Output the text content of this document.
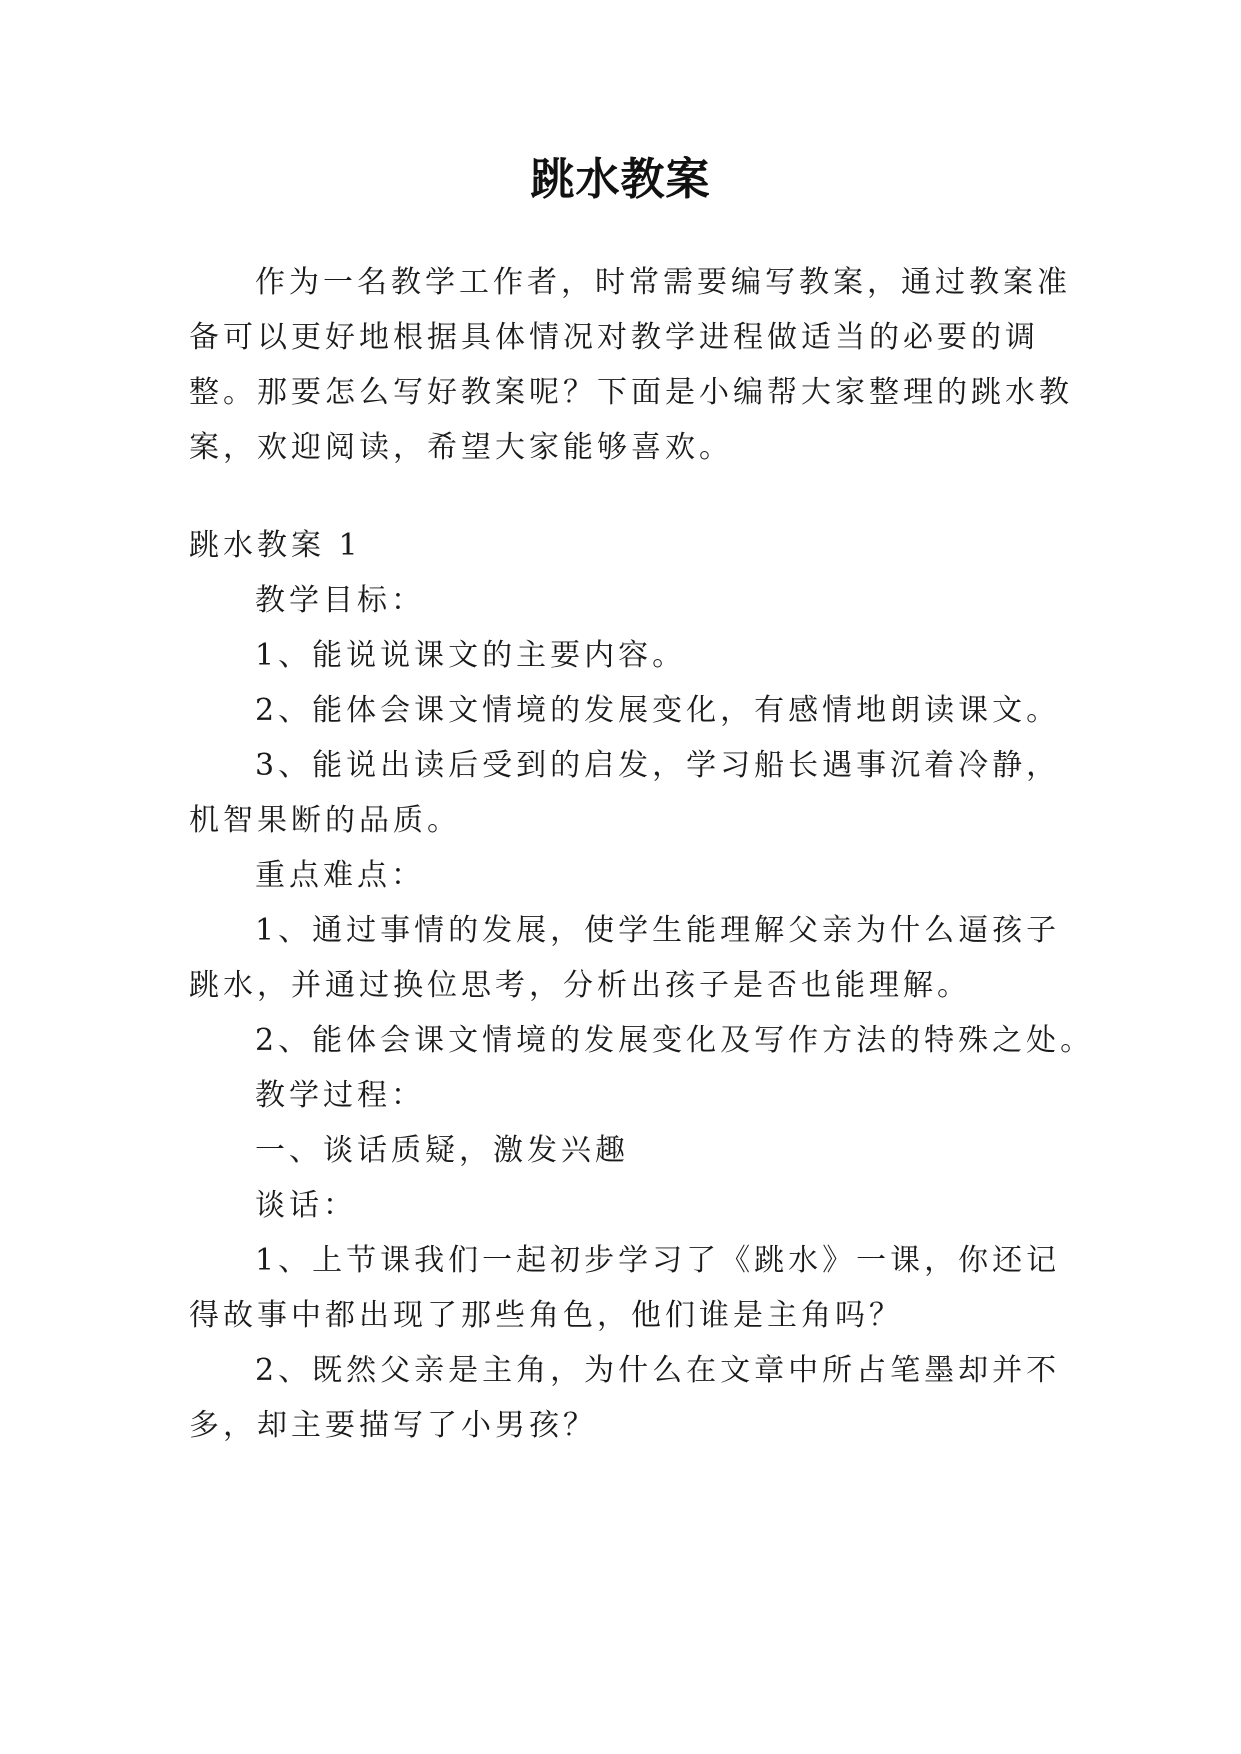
跳水教案
作为一名教学工作者，时常需要编写教案，通过教案准
备可以更好地根据具体情况对教学进程做适当的必要的调
整。那要怎么写好教案呢？下面是小编帮大家整理的跳水教
案，欢迎阅读，希望大家能够喜欢。
跳水教案 1
教学目标：
1、能说说课文的主要内容。
2、能体会课文情境的发展变化，有感情地朗读课文。
3、能说出读后受到的启发，学习船长遇事沉着冷静，
机智果断的品质。
重点难点：
1、通过事情的发展，使学生能理解父亲为什么逼孩子
跳水，并通过换位思考，分析出孩子是否也能理解。
2、能体会课文情境的发展变化及写作方法的特殊之处。
教学过程：
一、谈话质疑，激发兴趣
谈话：
1、上节课我们一起初步学习了《跳水》一课，你还记
得故事中都出现了那些角色，他们谁是主角吗？
2、既然父亲是主角，为什么在文章中所占笔墨却并不
多，却主要描写了小男孩？
